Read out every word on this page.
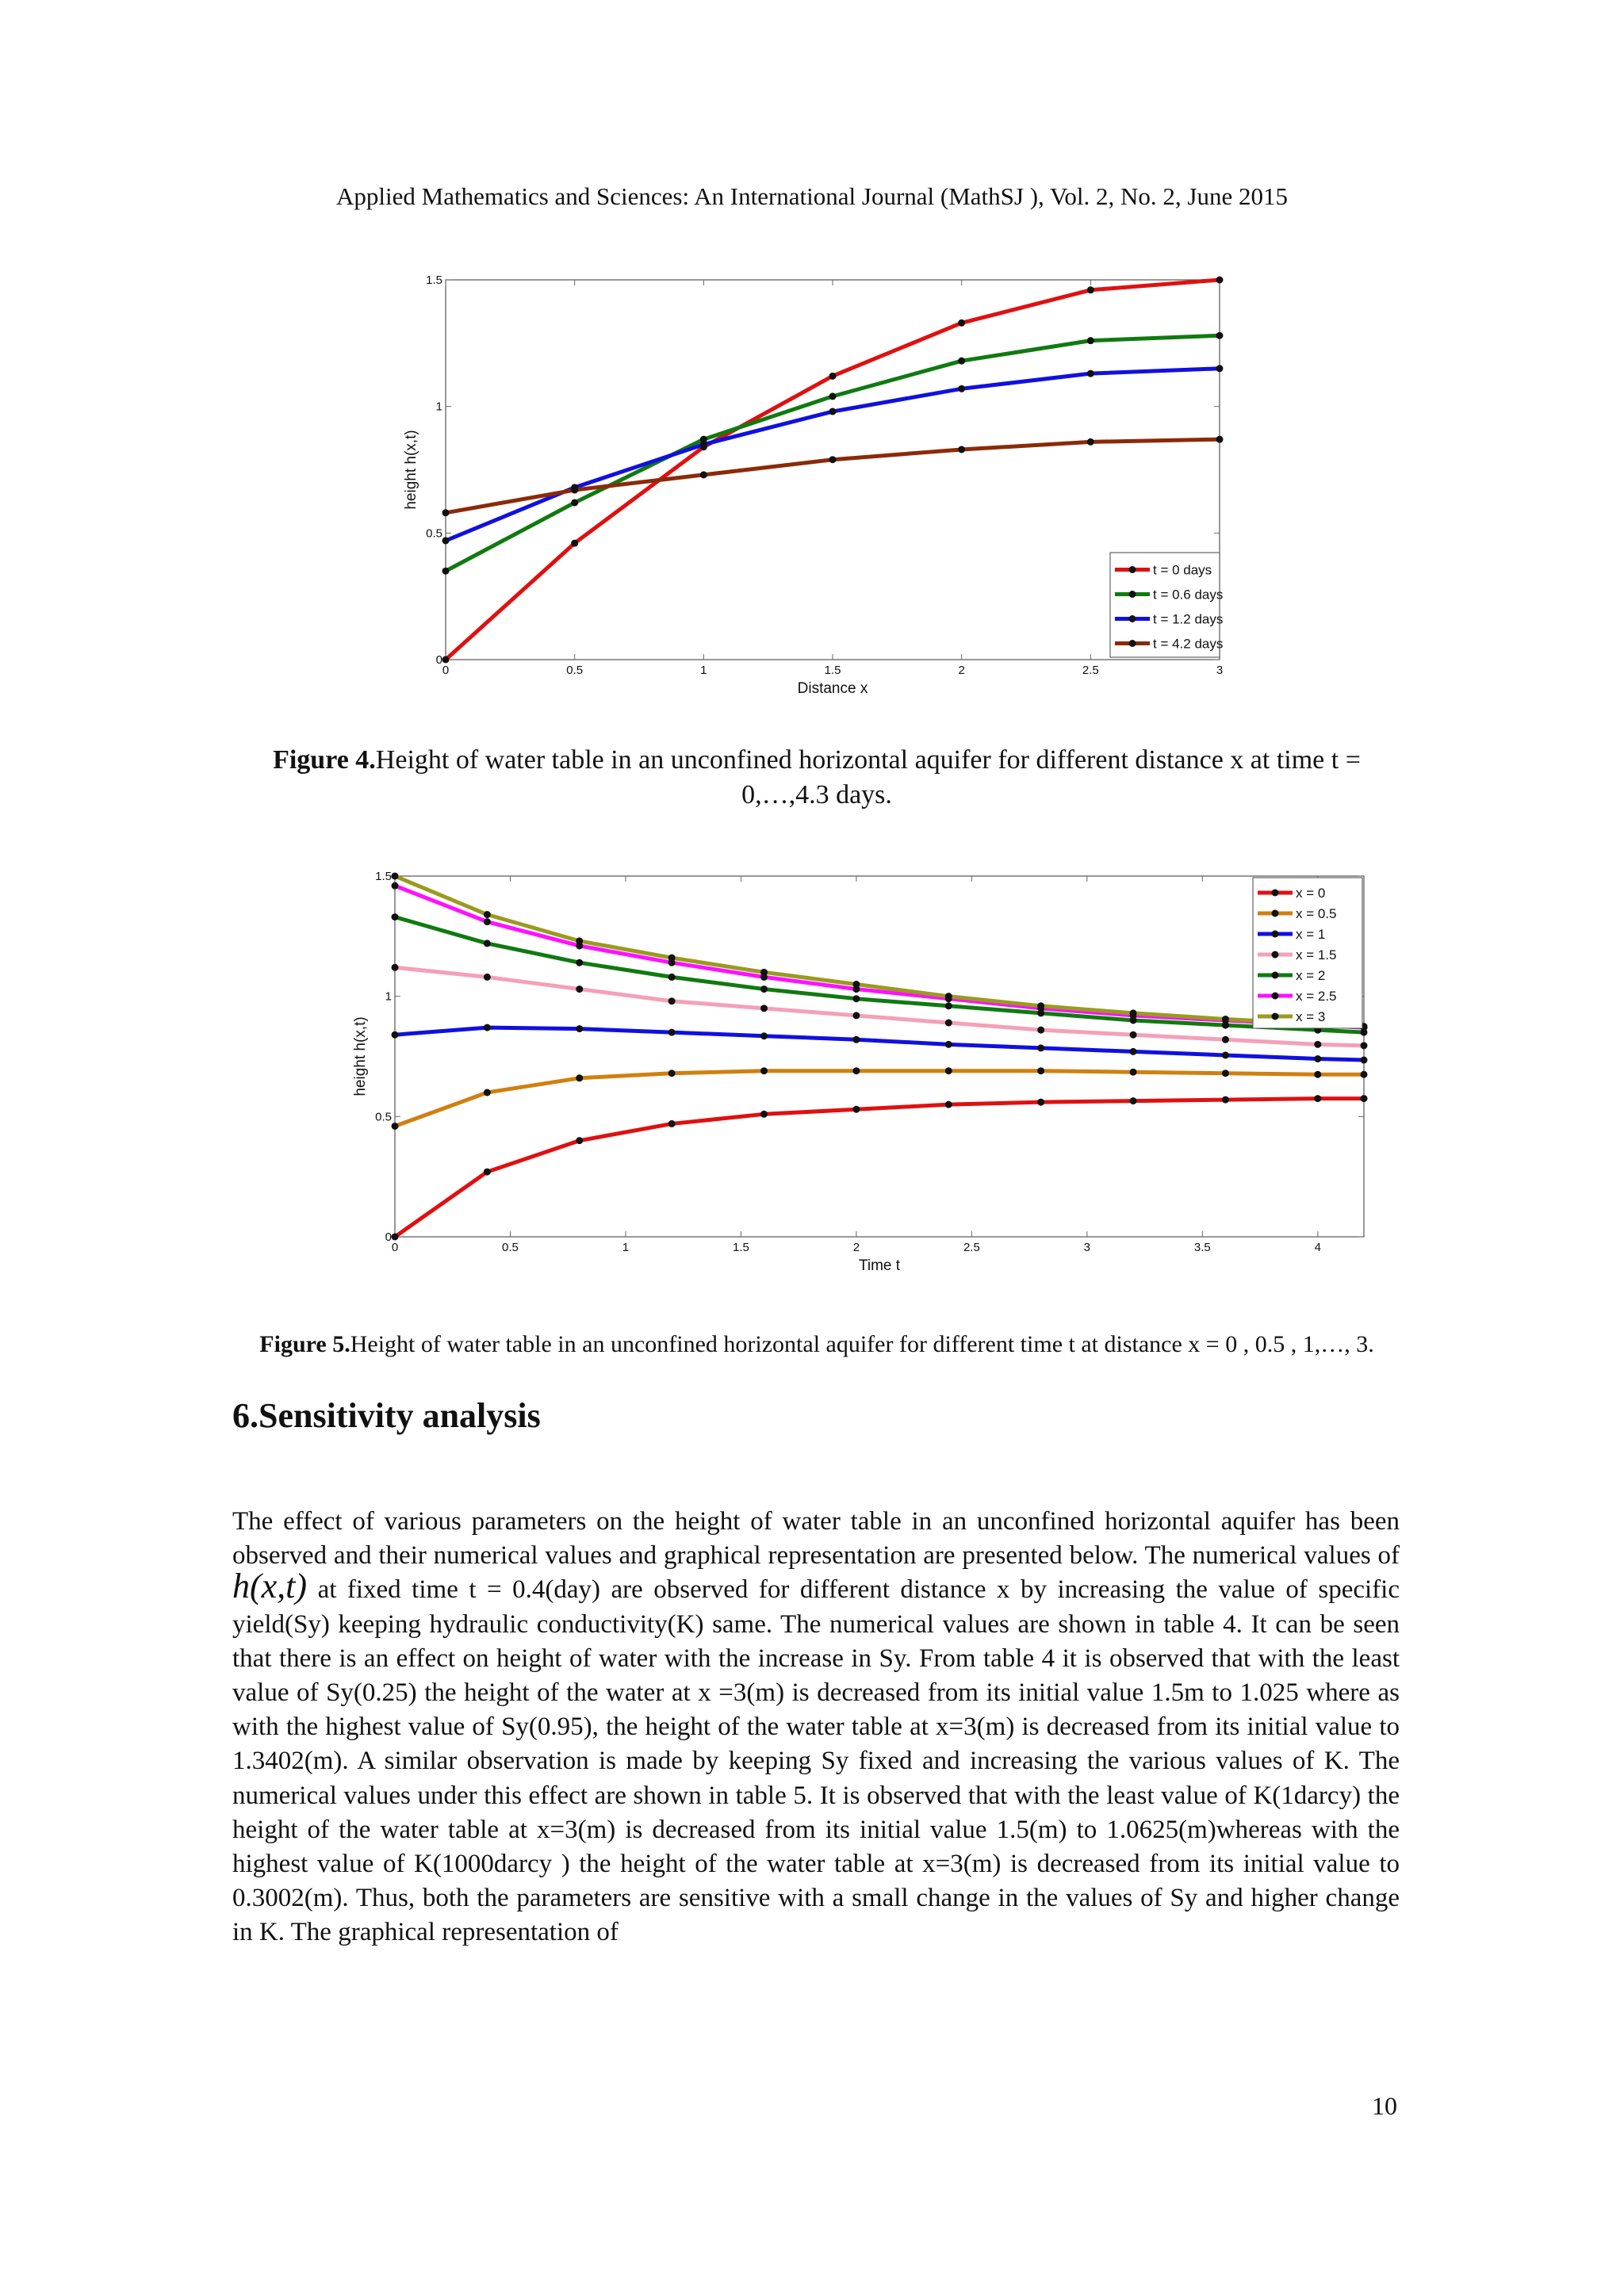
Applied Mathematics and Sciences: An International Journal (MathSJ ), Vol. 2, No. 2, June 2015
0	0.5	1	1.5	2	2.5	3
0
0.5
1
1.5
Distance x
height h(x,t)
t = 0 days
t = 0.6 days
t = 1.2 days
t = 4.2 days
Figure 4.Height of water table in an unconfined horizontal aquifer for different distance x at time t = 0,…,4.3 days.
0	0.5	1	1.5	2	2.5	3	3.5	4
0
0.5
1
1.5
Time t
height h(x,t)
x = 0
x = 0.5
x = 1
x = 1.5
x = 2
x = 2.5
x = 3
Figure 5.Height of water table in an unconfined horizontal aquifer for different time t at distance x = 0 , 0.5 , 1,…, 3.
6.Sensitivity analysis

The effect of various parameters on the height of water table in an unconfined horizontal aquifer has been observed and their numerical values and graphical representation are presented below. The numerical values of h(x,t) at fixed time t = 0.4(day) are observed for different distance x by increasing the value of specific yield(Sy) keeping hydraulic conductivity(K) same. The numerical values are shown in table 4. It can be seen that there is an effect on height of water with the increase in Sy. From table 4 it is observed that with the least value of Sy(0.25) the height of the water at x =3(m) is decreased from its initial value 1.5m to 1.025 where as with the highest value of Sy(0.95), the height of the water table at x=3(m) is decreased from its initial value to 1.3402(m). A similar observation is made by keeping Sy fixed and increasing the various values of K. The numerical values under this effect are shown in table 5. It is observed that with the least value of K(1darcy) the height of the water table at x=3(m) is decreased from its initial value 1.5(m) to 1.0625(m)whereas with the highest value of K(1000darcy ) the height of the water table at x=3(m) is decreased from its initial value to 0.3002(m). Thus, both the parameters are sensitive with a small change in the values of Sy and higher change in K. The graphical representation of

10
